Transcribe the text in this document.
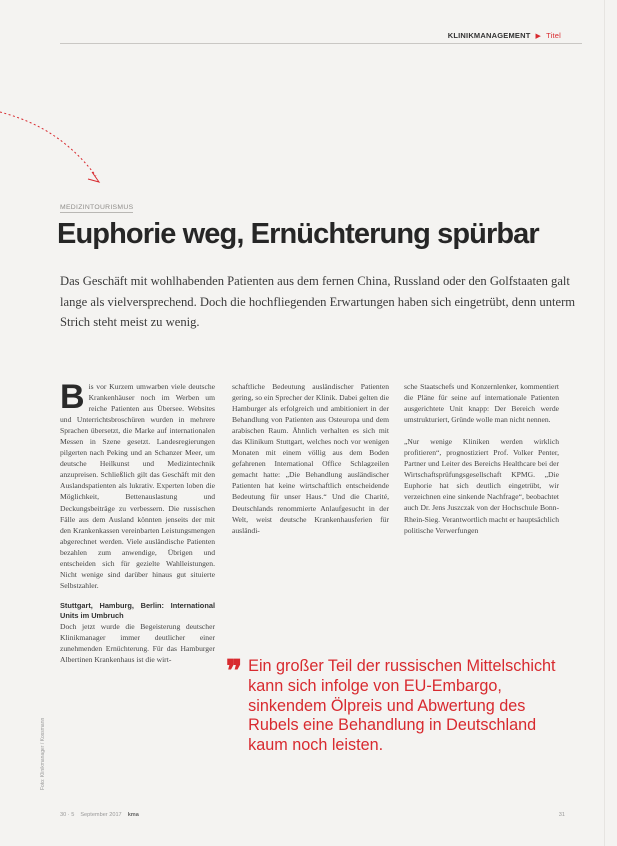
KLINIKMANAGEMENT ▶ Titel
MEDIZINTOURISMUS
Euphorie weg, Ernüchterung spürbar
Das Geschäft mit wohlhabenden Patienten aus dem fernen China, Russland oder den Golfstaaten galt lange als vielversprechend. Doch die hochfliegenden Erwartungen haben sich eingetrübt, denn unterm Strich steht meist zu wenig.

Bis vor Kurzem umwarben viele deutsche Krankenhäuser noch im Werben um reiche Patienten aus Übersee. Websites und Unterrichtsbroschüren wurden in mehrere Sprachen übersetzt, die Marke auf internationalen Messen in Szene gesetzt. Landesregierungen pilgerten nach Peking und an Schanzer Meer, um deutsche Heilkunst und Medizintechnik anzupreisen. Schließlich gilt das Geschäft mit den Auslandspatienten als lukrativ. Experten loben die Möglichkeit, Bettenauslastung und Deckungsbeiträge zu verbessern. Die russischen Fälle aus dem Ausland könnten jenseits der mit den Krankenkassen vereinbarten Leistungsmengen abgerechnet werden. Viele ausländische Patienten bezahlen zum anwendige, Übrigen und entscheiden sich für gezielte Wahlleistungen. Nicht wenige sind darüber hinaus gut situierte Selbstzahler.

Stuttgart, Hamburg, Berlin: International Units im Umbruch

Doch jetzt wurde die Begeisterung deutscher Klinikmanager immer deutlicher einer zunehmenden Ernüchterung. Für das Hamburger Albertinen Krankenhaus ist die wirt-

schaftliche Bedeutung ausländischer Patienten gering, so ein Sprecher der Klinik. Dabei gelten die Hamburger als erfolgreich und ambitioniert in der Behandlung von Patienten aus Osteuropa und dem arabischen Raum. Ähnlich verhalten es sich mit das Klinikum Stuttgart, welches noch vor wenigen Monaten mit einem völlig aus dem Boden gefahrenen International Office Schlagzeilen gemacht hatte: „Die Behandlung ausländischer Patienten hat keine wirtschaftlich entscheidende Bedeutung für unser Haus.“ Und die Charité, Deutschlands renommierte Anlaufgesucht in der Welt, weist deutsche Krankenhausferien für ausländi-

sche Staatschefs und Konzernlenker, kommentiert die Pläne für seine auf internationale Patienten ausgerichtete Unit knapp: Der Bereich werde umstrukturiert, Gründe wolle man nicht nennen.

„Nur wenige Kliniken werden wirklich profitieren“, prognostiziert Prof. Volker Penter, Partner und Leiter des Bereichs Healthcare bei der Wirtschaftsprüfungsgesellschaft KPMG. „Die Euphorie hat sich deutlich eingetrübt, wir verzeichnen eine sinkende Nachfrage“, beobachtet auch Dr. Jens Juszczak von der Hochschule Bonn-Rhein-Sieg. Verantwortlich macht er hauptsächlich politische Verwerfungen

❞ Ein großer Teil der russischen Mittelschicht kann sich infolge von EU-Embargo, sinkendem Ölpreis und Abwertung des Rubels eine Behandlung in Deutschland kaum noch leisten.
Foto: Klinikmanager / Kossmann
30 · 5 September 2017 kma	31
